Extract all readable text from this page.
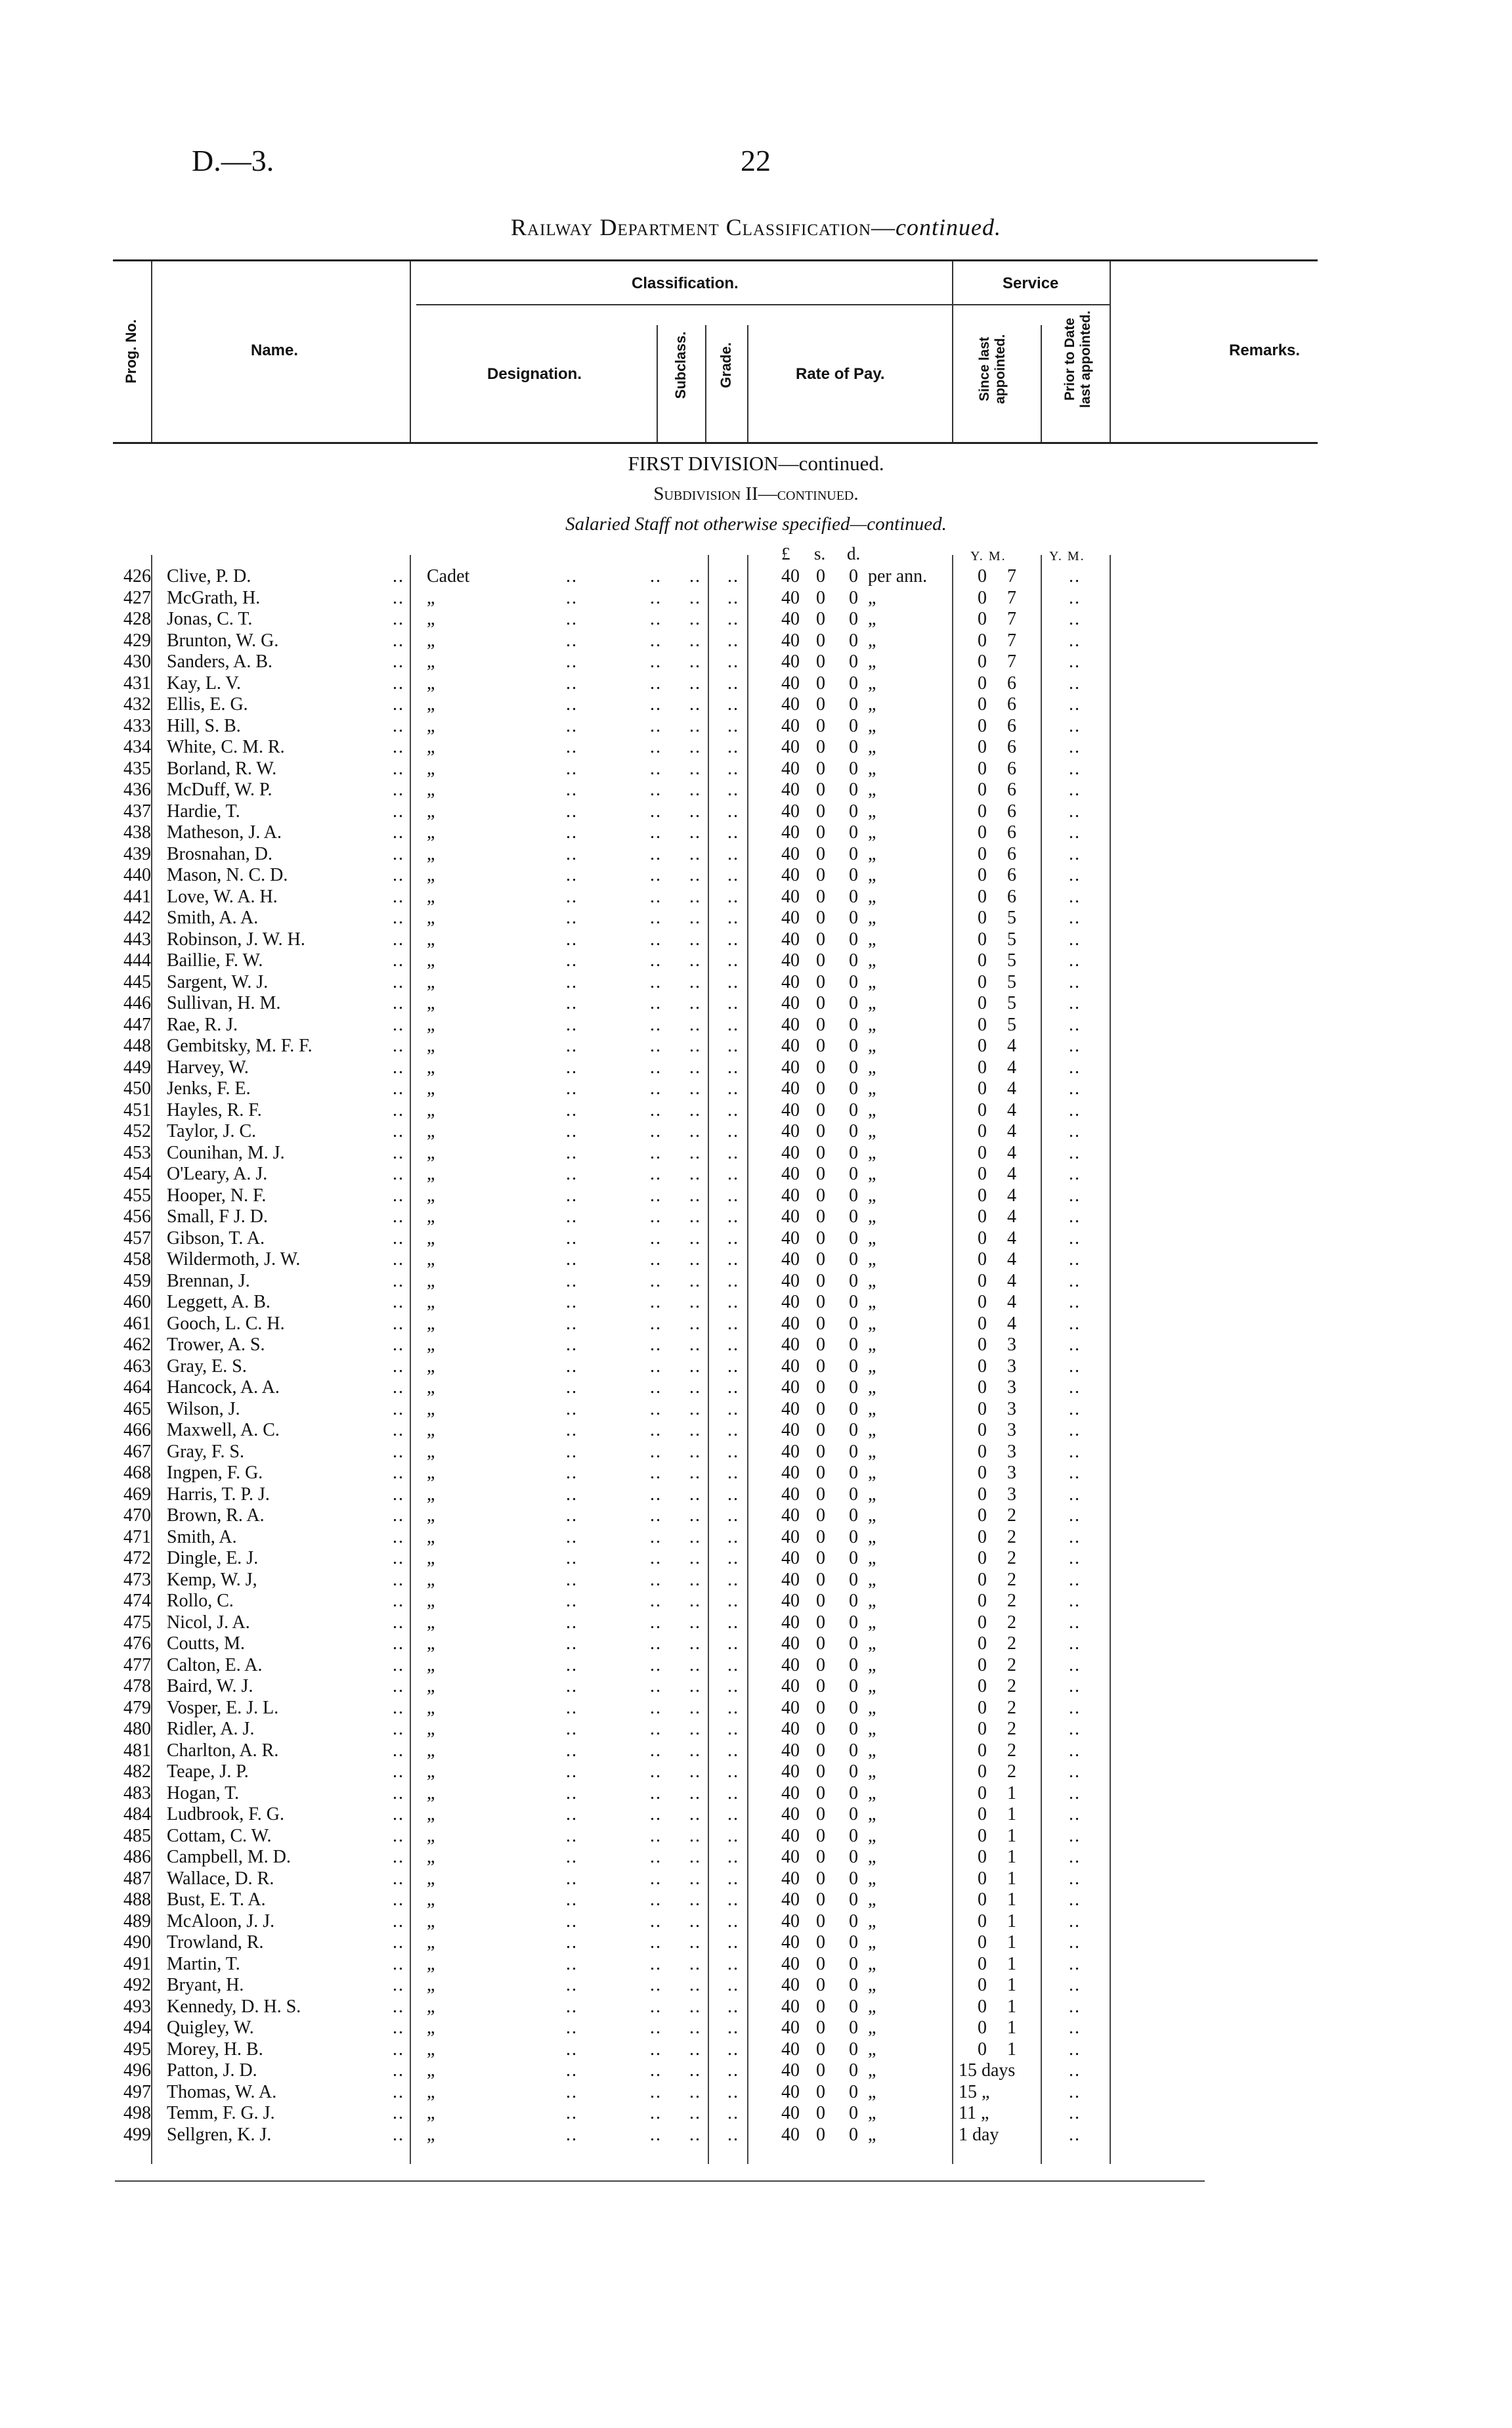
D.—3.	22
Railway Department Classification—continued.
Prog. No.	Name.
Classification.
Designation.	Subclass. Grade.	Rate of Pay.
Service
Since last appointed.	Prior to Date last appointed.	Remarks.
FIRST DIVISION—continued.
Subdivision II—continued.
Salaried Staff not otherwise specified—continued.
£ s. d.	Y. M.	Y. M.
426 Clive, P. D.	.. Cadet	..	.. .. ..	40 0 0 per ann.	0 7	..
427 McGrath, H.	.. „	..	.. .. ..	40 0 0 „	0 7	..
428 Jonas, C. T.	.. „	..	.. .. ..	40 0 0 „	0 7	..
429 Brunton, W. G.	.. „	..	.. .. ..	40 0 0 „	0 7	..
430 Sanders, A. B.	.. „	..	.. .. ..	40 0 0 „	0 7	..
431 Kay, L. V.	.. „	..	.. .. ..	40 0 0 „	0 6	..
432 Ellis, E. G.	.. „	..	.. .. ..	40 0 0 „	0 6	..
433 Hill, S. B.	.. „	..	.. .. ..	40 0 0 „	0 6	..
434 White, C. M. R.	.. „	..	.. .. ..	40 0 0 „	0 6	..
435 Borland, R. W.	.. „	..	.. .. ..	40 0 0 „	0 6	..
436 McDuff, W. P.	.. „	..	.. .. ..	40 0 0 „	0 6	..
437 Hardie, T.	.. „	..	.. .. ..	40 0 0 „	0 6	..
438 Matheson, J. A.	.. „	..	.. .. ..	40 0 0 „	0 6	..
439 Brosnahan, D.	.. „	..	.. .. ..	40 0 0 „	0 6	..
440 Mason, N. C. D.	.. „	..	.. .. ..	40 0 0 „	0 6	..
441 Love, W. A. H.	.. „	..	.. .. ..	40 0 0 „	0 6	..
442 Smith, A. A.	.. „	..	.. .. ..	40 0 0 „	0 5	..
443 Robinson, J. W. H.	.. „	..	.. .. ..	40 0 0 „	0 5	..
444 Baillie, F. W.	.. „	..	.. .. ..	40 0 0 „	0 5	..
445 Sargent, W. J.	.. „	..	.. .. ..	40 0 0 „	0 5	..
446 Sullivan, H. M.	.. „	..	.. .. ..	40 0 0 „	0 5	..
447 Rae, R. J.	.. „	..	.. .. ..	40 0 0 „	0 5	..
448 Gembitsky, M. F. F.	.. „	..	.. .. ..	40 0 0 „	0 4	..
449 Harvey, W.	.. „	..	.. .. ..	40 0 0 „	0 4	..
450 Jenks, F. E.	.. „	..	.. .. ..	40 0 0 „	0 4	..
451 Hayles, R. F.	.. „	..	.. .. ..	40 0 0 „	0 4	..
452 Taylor, J. C.	.. „	..	.. .. ..	40 0 0 „	0 4	..
453 Counihan, M. J.	.. „	..	.. .. ..	40 0 0 „	0 4	..
454 O'Leary, A. J.	.. „	..	.. .. ..	40 0 0 „	0 4	..
455 Hooper, N. F.	.. „	..	.. .. ..	40 0 0 „	0 4	..
456 Small, F J. D.	.. „	..	.. .. ..	40 0 0 „	0 4	..
457 Gibson, T. A.	.. „	..	.. .. ..	40 0 0 „	0 4	..
458 Wildermoth, J. W.	.. „	..	.. .. ..	40 0 0 „	0 4	..
459 Brennan, J.	.. „	..	.. .. ..	40 0 0 „	0 4	..
460 Leggett, A. B.	.. „	..	.. .. ..	40 0 0 „	0 4	..
461 Gooch, L. C. H.	.. „	..	.. .. ..	40 0 0 „	0 4	..
462 Trower, A. S.	.. „	..	.. .. ..	40 0 0 „	0 3	..
463 Gray, E. S.	.. „	..	.. .. ..	40 0 0 „	0 3	..
464 Hancock, A. A.	.. „	..	.. .. ..	40 0 0 „	0 3	..
465 Wilson, J.	.. „	..	.. .. ..	40 0 0 „	0 3	..
466 Maxwell, A. C.	.. „	..	.. .. ..	40 0 0 „	0 3	..
467 Gray, F. S.	.. „	..	.. .. ..	40 0 0 „	0 3	..
468 Ingpen, F. G.	.. „	..	.. .. ..	40 0 0 „	0 3	..
469 Harris, T. P. J.	.. „	..	.. .. ..	40 0 0 „	0 3	..
470 Brown, R. A.	.. „	..	.. .. ..	40 0 0 „	0 2	..
471 Smith, A.	.. „	..	.. .. ..	40 0 0 „	0 2	..
472 Dingle, E. J.	.. „	..	.. .. ..	40 0 0 „	0 2	..
473 Kemp, W. J,	.. „	..	.. .. ..	40 0 0 „	0 2	..
474 Rollo, C.	.. „	..	.. .. ..	40 0 0 „	0 2	..
475 Nicol, J. A.	.. „	..	.. .. ..	40 0 0 „	0 2	..
476 Coutts, M.	.. „	..	.. .. ..	40 0 0 „	0 2	..
477 Calton, E. A.	.. „	..	.. .. ..	40 0 0 „	0 2	..
478 Baird, W. J.	.. „	..	.. .. ..	40 0 0 „	0 2	..
479 Vosper, E. J. L.	.. „	..	.. .. ..	40 0 0 „	0 2	..
480 Ridler, A. J.	.. „	..	.. .. ..	40 0 0 „	0 2	..
481 Charlton, A. R.	.. „	..	.. .. ..	40 0 0 „	0 2	..
482 Teape, J. P.	.. „	..	.. .. ..	40 0 0 „	0 2	..
483 Hogan, T.	.. „	..	.. .. ..	40 0 0 „	0 1	..
484 Ludbrook, F. G.	.. „	..	.. .. ..	40 0 0 „	0 1	..
485 Cottam, C. W.	.. „	..	.. .. ..	40 0 0 „	0 1	..
486 Campbell, M. D.	.. „	..	.. .. ..	40 0 0 „	0 1	..
487 Wallace, D. R.	.. „	..	.. .. ..	40 0 0 „	0 1	..
488 Bust, E. T. A.	.. „	..	.. .. ..	40 0 0 „	0 1	..
489 McAloon, J. J.	.. „	..	.. .. ..	40 0 0 „	0 1	..
490 Trowland, R.	.. „	..	.. .. ..	40 0 0 „	0 1	..
491 Martin, T.	.. „	..	.. .. ..	40 0 0 „	0 1	..
492 Bryant, H.	.. „	..	.. .. ..	40 0 0 „	0 1	..
493 Kennedy, D. H. S.	.. „	..	.. .. ..	40 0 0 „	0 1	..
494 Quigley, W.	.. „	..	.. .. ..	40 0 0 „	0 1	..
495 Morey, H. B.	.. „	..	.. .. ..	40 0 0 „	0 1	..
496 Patton, J. D.	.. „	..	.. .. ..	40 0 0 „	15 days	..
497 Thomas, W. A.	.. „	..	.. .. ..	40 0 0 „	15 „	..
498 Temm, F. G. J.	.. „	..	.. .. ..	40 0 0 „	11 „	..
499 Sellgren, K. J.	.. „	..	.. .. ..	40 0 0 „	1 day	..
